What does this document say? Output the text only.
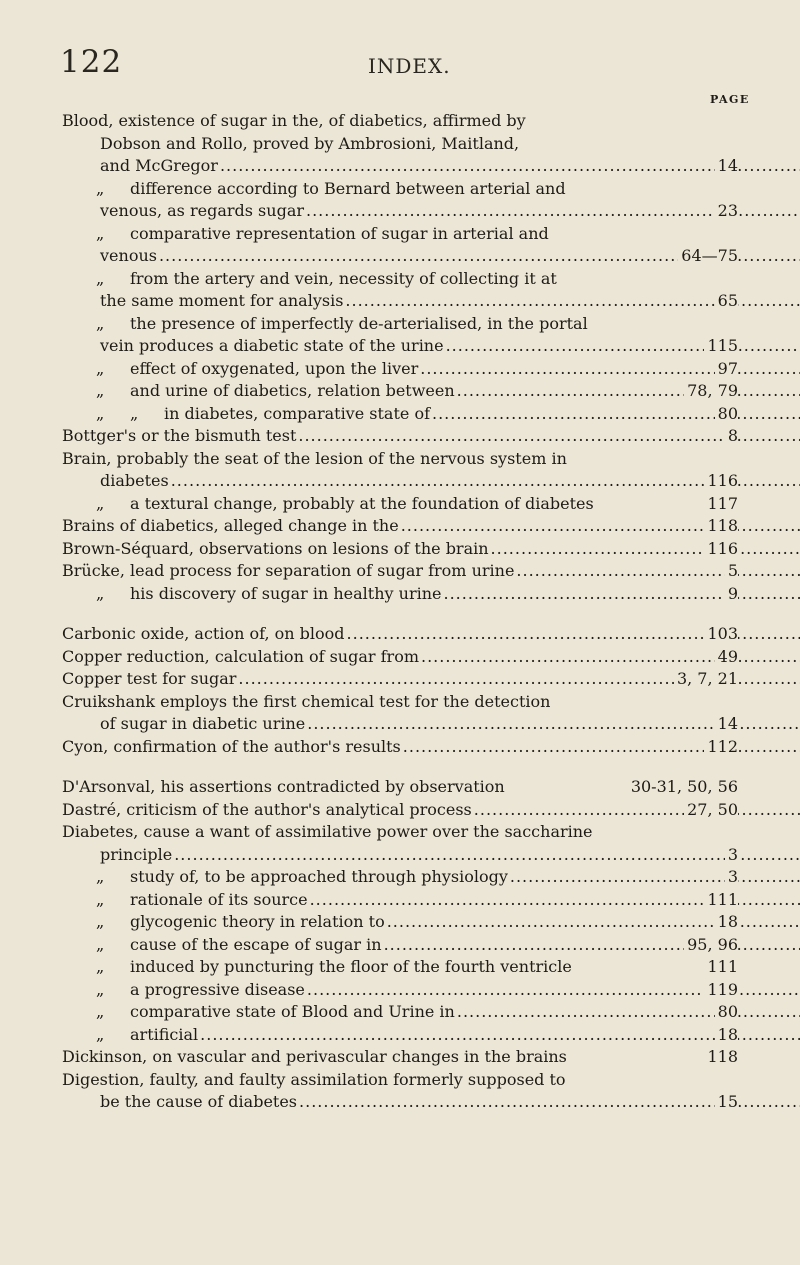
122	INDEX.
PAGE
Blood, existence of sugar in the, of diabetics, affirmed by
Dobson and Rollo, proved by Ambrosioni, Maitland,
and McGregor .....	14
„ difference according to Bernard between arterial and
venous, as regards sugar .....	23
„ comparative representation of sugar in arterial and
venous .....	64—75
„ from the artery and vein, necessity of collecting it at
the same moment for analysis .....	65
„ the presence of imperfectly de-arterialised, in the portal
vein produces a diabetic state of the urine .....	115
„ effect of oxygenated, upon the liver .....	97
„ and urine of diabetics, relation between .....	78, 79
„ „ in diabetes, comparative state of .....	80
Bottger's or the bismuth test .....	8
Brain, probably the seat of the lesion of the nervous system in
diabetes .....	116
„ a textural change, probably at the foundation of diabetes	117
Brains of diabetics, alleged change in the .....	118
Brown-Séquard, observations on lesions of the brain .....	116
Brücke, lead process for separation of sugar from urine .....	5
„ his discovery of sugar in healthy urine .....	9
Carbonic oxide, action of, on blood .....	103
Copper reduction, calculation of sugar from .....	49
Copper test for sugar .....	3, 7, 21
Cruikshank employs the first chemical test for the detection
of sugar in diabetic urine .....	14
Cyon, confirmation of the author's results .....	112
D'Arsonval, his assertions contradicted by observation	30-31, 50, 56
Dastré, criticism of the author's analytical process .....	27, 50
Diabetes, cause a want of assimilative power over the saccharine
principle .....	3
„ study of, to be approached through physiology .....	3
„ rationale of its source .....	111
„ glycogenic theory in relation to .....	18
„ cause of the escape of sugar in .....	95, 96
„ induced by puncturing the floor of the fourth ventricle	111
„ a progressive disease .....	119
„ comparative state of Blood and Urine in .....	80
„ artificial .....	18
Dickinson, on vascular and perivascular changes in the brains	118
Digestion, faulty, and faulty assimilation formerly supposed to
be the cause of diabetes .....	15
